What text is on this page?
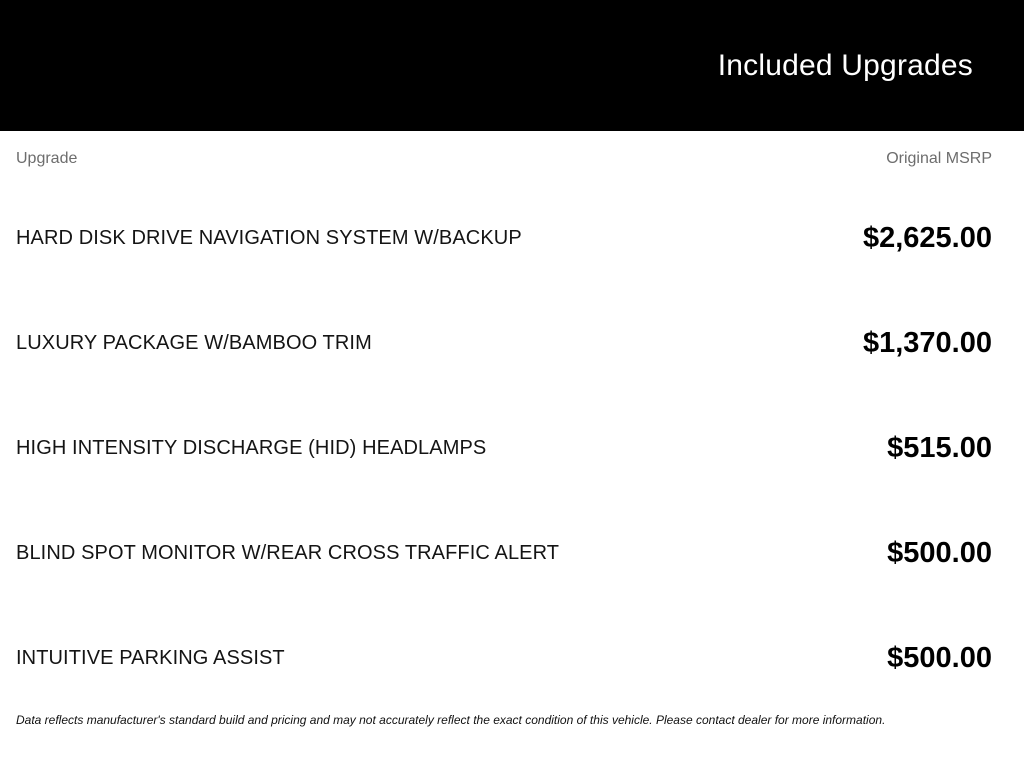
Included Upgrades
Upgrade	Original MSRP
HARD DISK DRIVE NAVIGATION SYSTEM W/BACKUP	$2,625.00
LUXURY PACKAGE W/BAMBOO TRIM	$1,370.00
HIGH INTENSITY DISCHARGE (HID) HEADLAMPS	$515.00
BLIND SPOT MONITOR W/REAR CROSS TRAFFIC ALERT	$500.00
INTUITIVE PARKING ASSIST	$500.00
Data reflects manufacturer's standard build and pricing and may not accurately reflect the exact condition of this vehicle. Please contact dealer for more information.
